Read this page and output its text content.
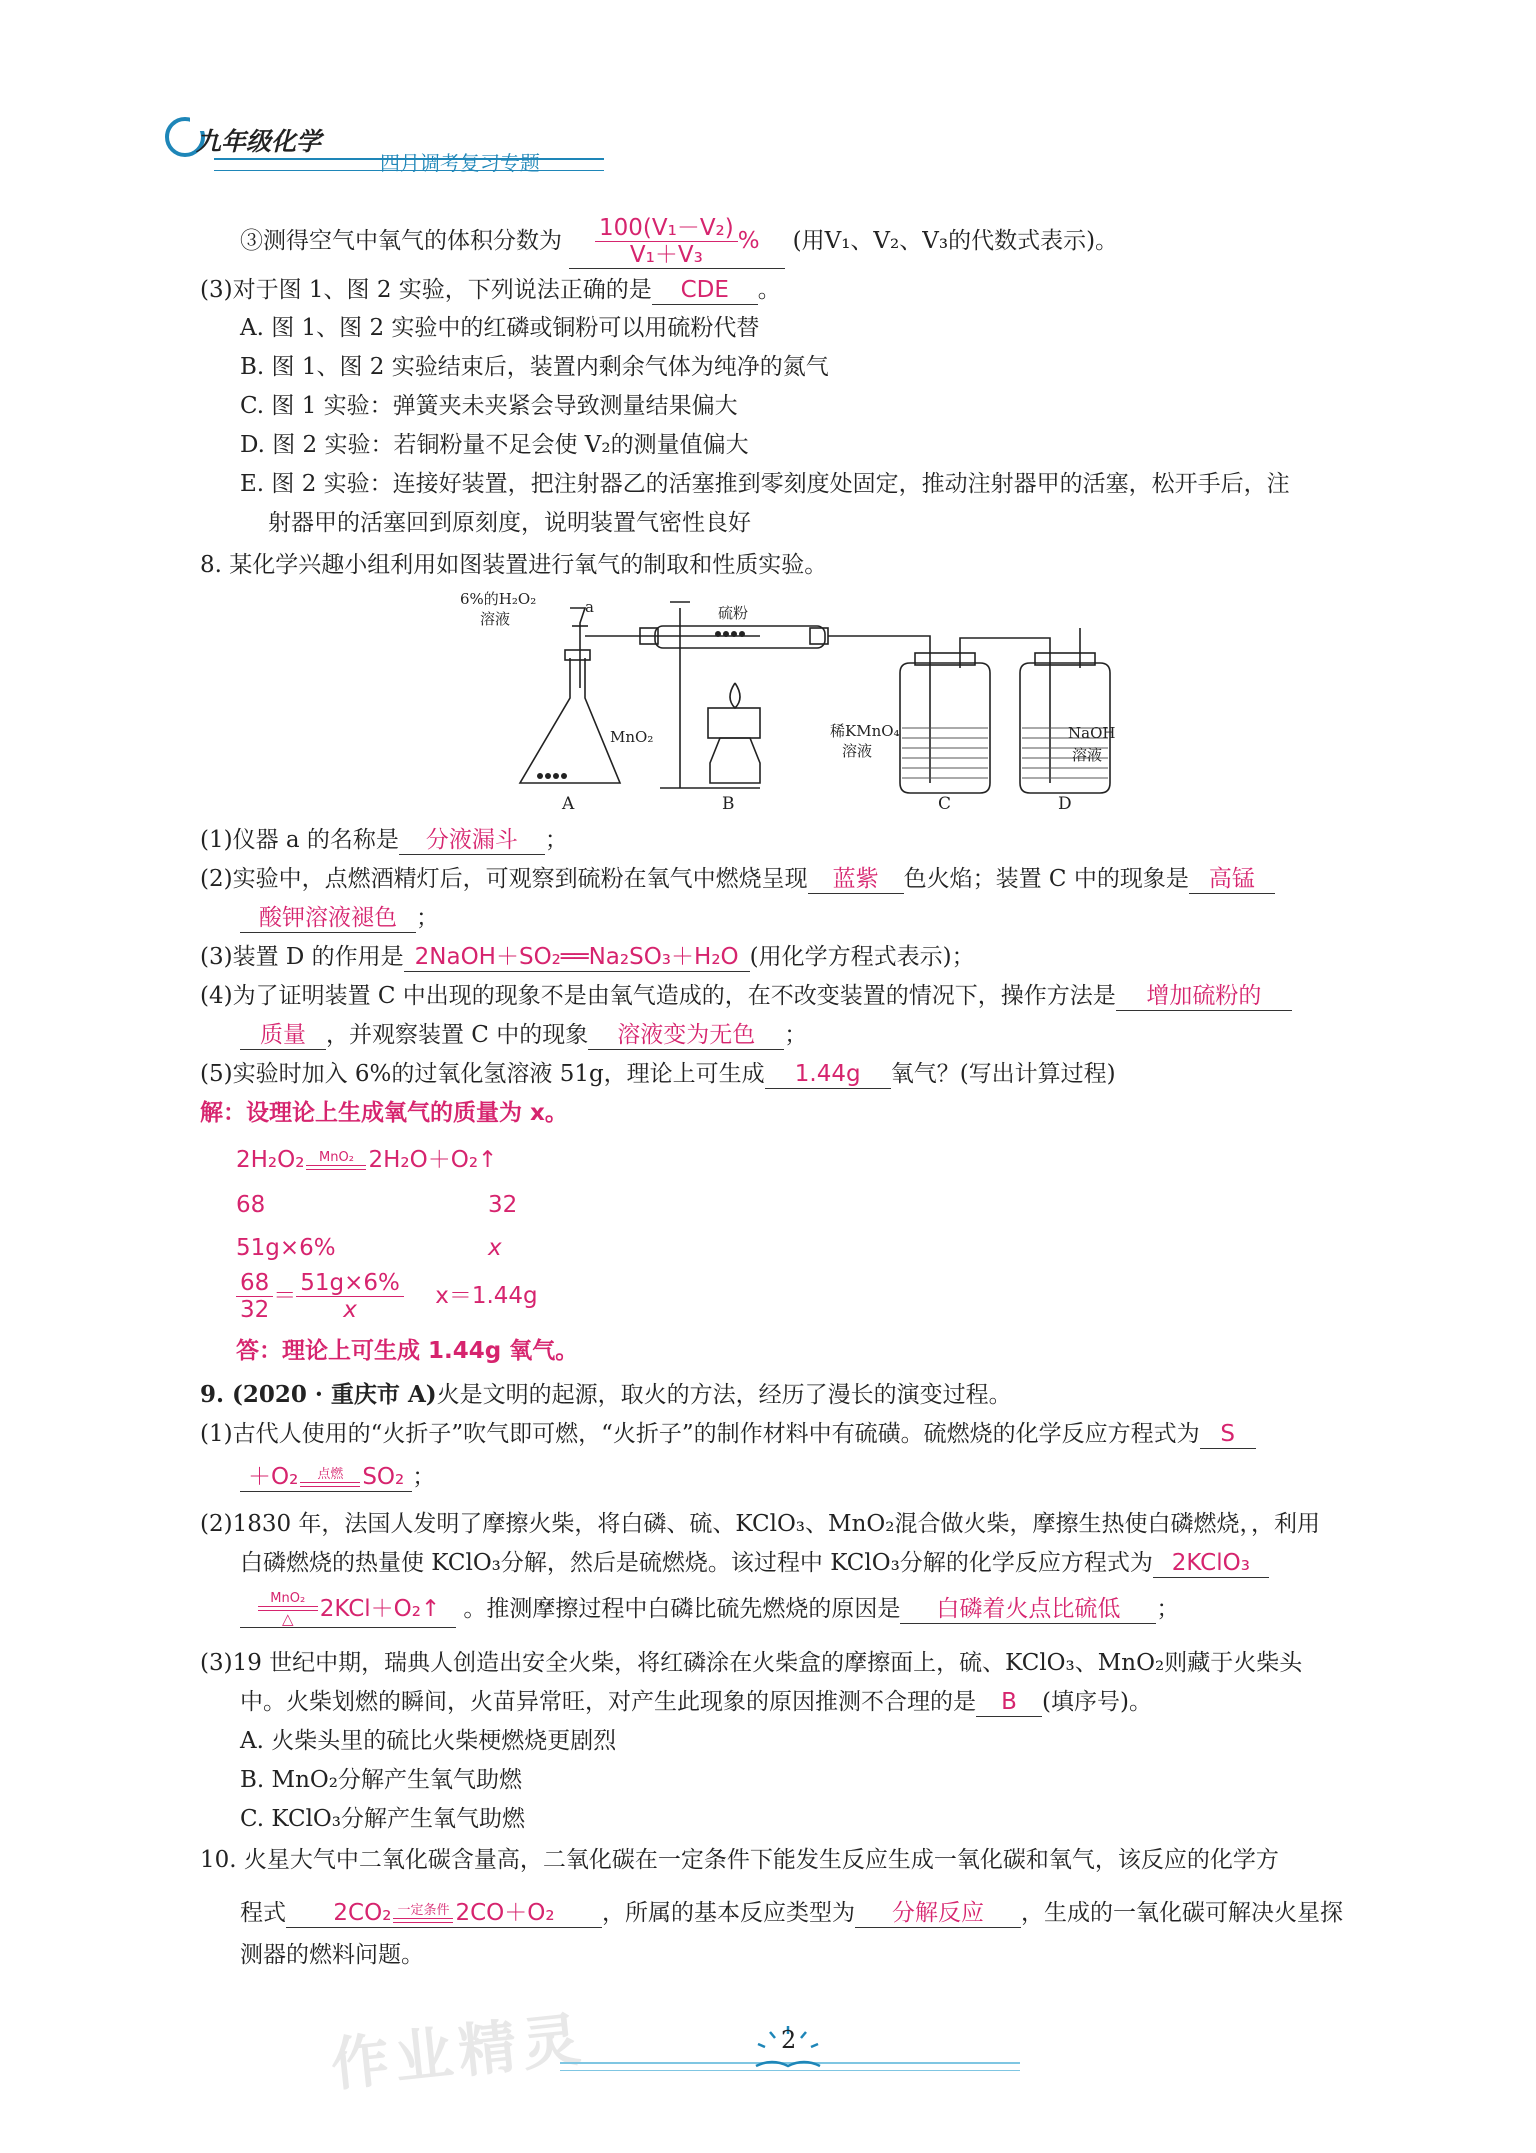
九年级化学
四月调考复习专题
③测得空气中氧气的体积分数为 $\frac{\text{100(V₁－V₂)}}{\text{V₁＋V₃}}$ % (用V₁、V₂、V₃的代数式表示)。
(3)对于图 1、图 2 实验，下列说法正确的是 CDE 。
A. 图 1、图 2 实验中的红磷或铜粉可以用硫粉代替
B. 图 1、图 2 实验结束后，装置内剩余气体为纯净的氮气
C. 图 1 实验：弹簧夹未夹紧会导致测量结果偏大
D. 图 2 实验：若铜粉量不足会使 V₂的测量值偏大
E. 图 2 实验：连接好装置，把注射器乙的活塞推到零刻度处固定，推动注射器甲的活塞，松开手后，注
射器甲的活塞回到原刻度，说明装置气密性良好
8. 某化学兴趣小组利用如图装置进行氧气的制取和性质实验。
6%的H₂O₂
溶液
a	硫粉
MnO₂	稀KMnO₄
溶液
NaOH
溶液
A	B	C	D
(1)仪器 a 的名称是 分液漏斗 ；
(2)实验中，点燃酒精灯后，可观察到硫粉在氧气中燃烧呈现 蓝紫 色火焰；装置 C 中的现象是 高锰
酸钾溶液褪色 ；
(3)装置 D 的作用是 2NaOH＋SO₂══Na₂SO₃＋H₂O (用化学方程式表示)；
(4)为了证明装置 C 中出现的现象不是由氧气造成的，在不改变装置的情况下，操作方法是 增加硫粉的
质量 ，并观察装置 C 中的现象 溶液变为无色 ；
(5)实验时加入 6%的过氧化氢溶液 51g，理论上可生成 1.44g 氧气？(写出计算过程)
解：设理论上生成氧气的质量为 x。
2H₂O₂	MnO₂ 2H₂O＋O₂↑
68	32
51g×6%	x
$\frac{68}{32} = \frac{51g\times 6\%}{x} x=1.44g$
答：理论上可生成 1.44g 氧气。
9. (2020 · 重庆市 A)火是文明的起源，取火的方法，经历了漫长的演变过程。
(1)古代人使用的“火折子”吹气即可燃，“火折子”的制作材料中有硫磺。硫燃烧的化学反应方程式为 S
＋O₂	点燃 SO₂ ；
(2)1830 年，法国人发明了摩擦火柴，将白磷、硫、KClO₃、MnO₂混合做火柴，摩擦生热使白磷燃烧，，利用
白磷燃烧的热量使 KClO₃分解，然后是硫燃烧。该过程中 KClO₃分解的化学反应方程式为 2KClO₃
MnO₂
△	2KCl＋O₂↑ 。推测摩擦过程中白磷比硫先燃烧的原因是 白磷着火点比硫低 ；
(3)19 世纪中期，瑞典人创造出安全火柴，将红磷涂在火柴盒的摩擦面上，硫、KClO₃、MnO₂则藏于火柴头
中。火柴划燃的瞬间，火苗异常旺，对产生此现象的原因推测不合理的是 B (填序号)。
A. 火柴头里的硫比火柴梗燃烧更剧烈
B. MnO₂分解产生氧气助燃
C. KClO₃分解产生氧气助燃
10. 火星大气中二氧化碳含量高，二氧化碳在一定条件下能发生反应生成一氧化碳和氧气，该反应的化学方
程式 2CO₂ 一定条件 2CO＋O₂ ，所属的基本反应类型为 分解反应 ，生成的一氧化碳可解决火星探
测器的燃料问题。
作业精灵	2
